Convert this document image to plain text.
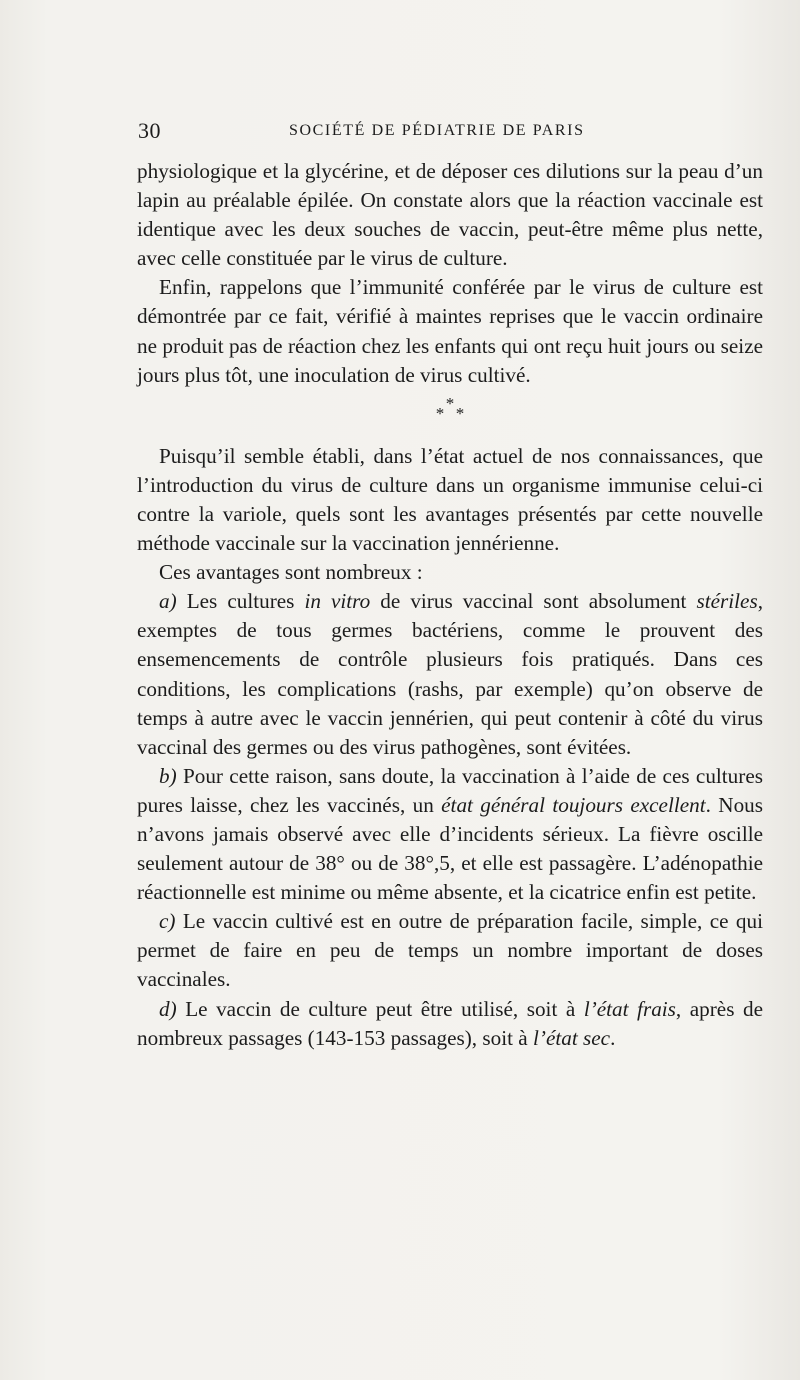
30	SOCIÉTÉ DE PÉDIATRIE DE PARIS

physiologique et la glycérine, et de déposer ces dilutions sur la peau d’un lapin au préalable épilée. On constate alors que la réaction vaccinale est identique avec les deux souches de vaccin, peut-être même plus nette, avec celle constituée par le virus de culture.

Enfin, rappelons que l’immunité conférée par le virus de culture est démontrée par ce fait, vérifié à maintes reprises que le vaccin ordinaire ne produit pas de réaction chez les enfants qui ont reçu huit jours ou seize jours plus tôt, une inoculation de virus cultivé.

*
* *

Puisqu’il semble établi, dans l’état actuel de nos connaissances, que l’introduction du virus de culture dans un organisme immunise celui-ci contre la variole, quels sont les avantages présentés par cette nouvelle méthode vaccinale sur la vaccination jennérienne.

Ces avantages sont nombreux :

a) Les cultures in vitro de virus vaccinal sont absolument stériles, exemptes de tous germes bactériens, comme le prouvent des ensemencements de contrôle plusieurs fois pratiqués. Dans ces conditions, les complications (rashs, par exemple) qu’on observe de temps à autre avec le vaccin jennérien, qui peut contenir à côté du virus vaccinal des germes ou des virus pathogènes, sont évitées.

b) Pour cette raison, sans doute, la vaccination à l’aide de ces cultures pures laisse, chez les vaccinés, un état général toujours excellent. Nous n’avons jamais observé avec elle d’incidents sérieux. La fièvre oscille seulement autour de 38° ou de 38°,5, et elle est passagère. L’adénopathie réactionnelle est minime ou même absente, et la cicatrice enfin est petite.

c) Le vaccin cultivé est en outre de préparation facile, simple, ce qui permet de faire en peu de temps un nombre important de doses vaccinales.

d) Le vaccin de culture peut être utilisé, soit à l’état frais, après de nombreux passages (143-153 passages), soit à l’état sec.
